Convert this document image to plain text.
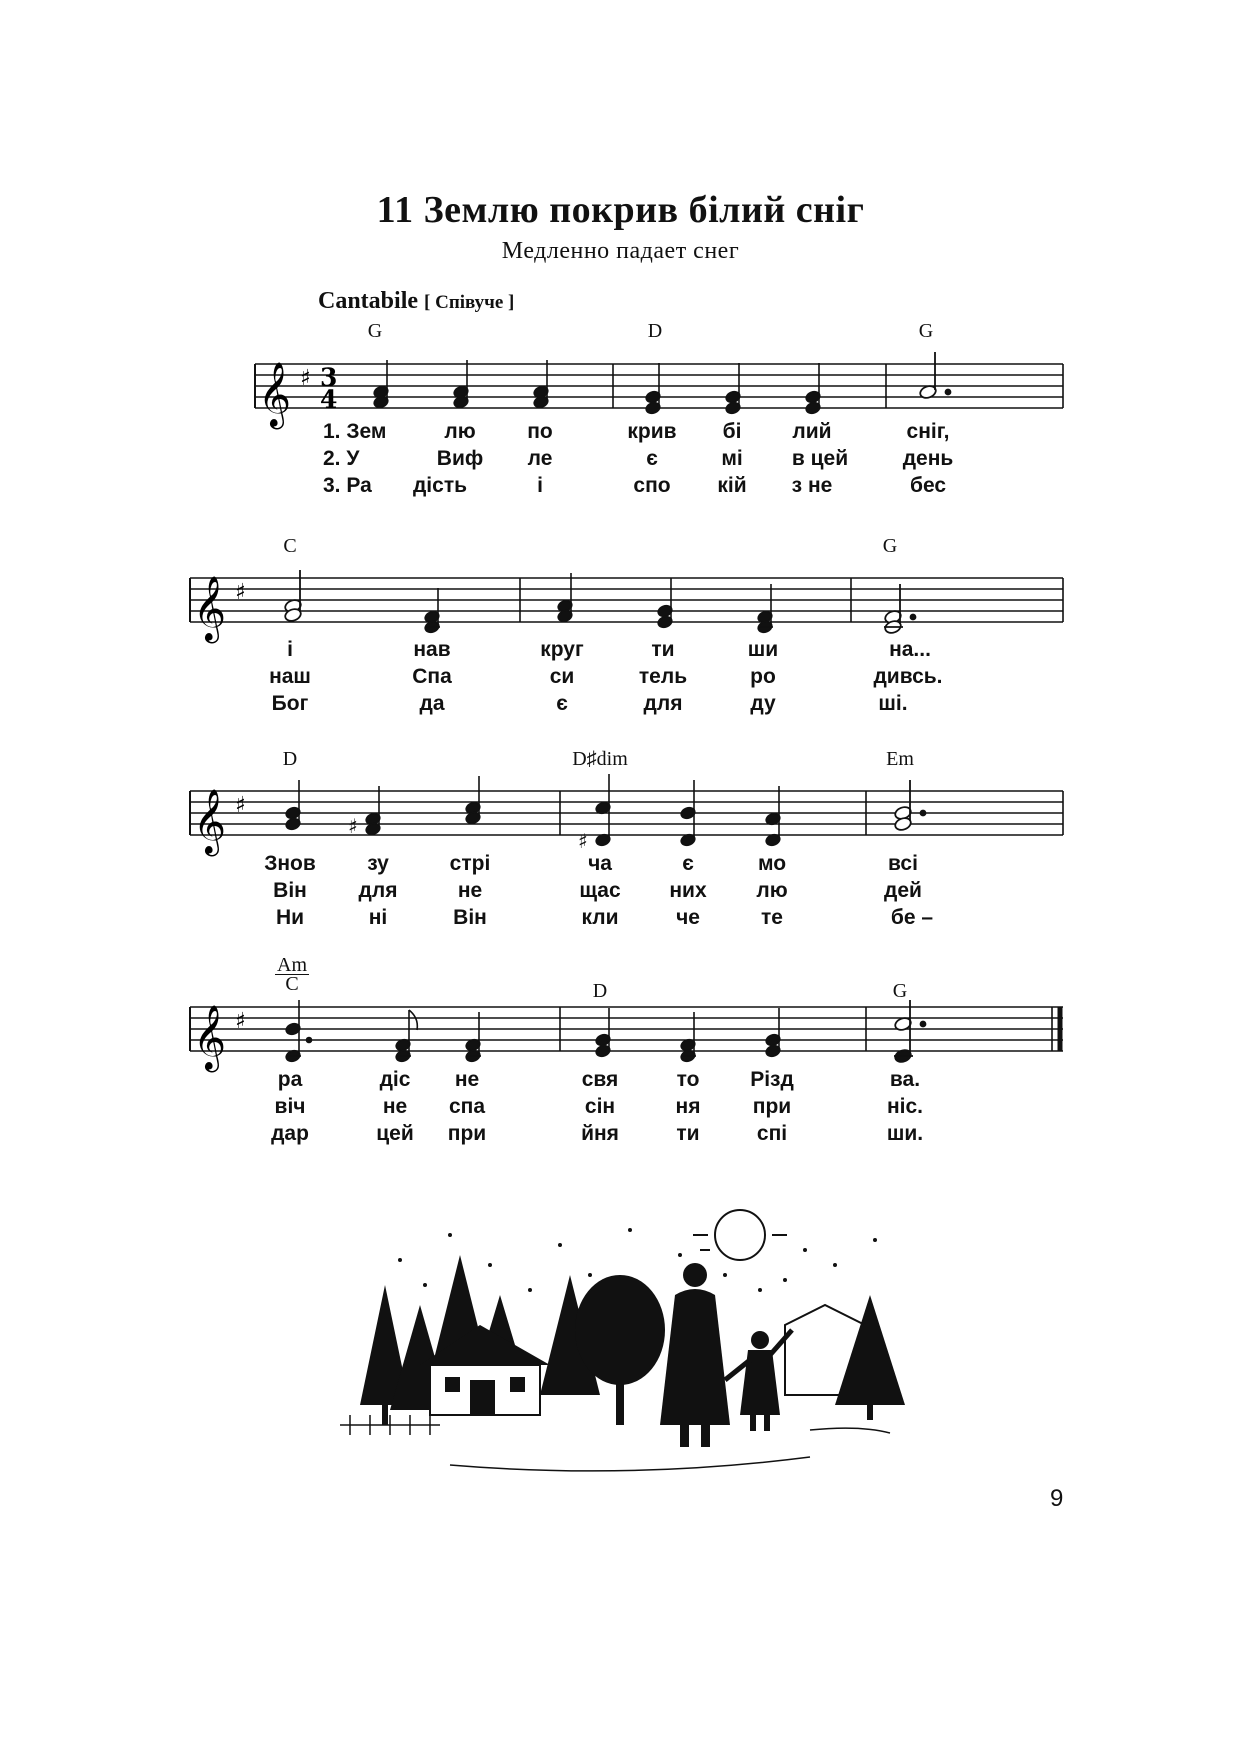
11 Землю покрив білий сніг
Медленно падает снег
Cantabile [ Співуче ]
G	D	G
𝄞 ♯ 3
4
1. Зем	лю по	крив бі лий	сніг,
2. У	Виф ле	є	мі в цей	день
3. Ра дість	і	спо кій з не	бес
C	G
𝄞 ♯
і	нав	круг	ти	ши	на...
наш	Спа	си	тель	ро	дивсь.
Бог	да	є	для	ду	ші.
D	D♯dim	Em
𝄞 ♯
♯
♯
Знов зу	стрі	ча	є	мо	всі
Він для	не	щас них лю	дей
Ни	ні	Він	кли	че	те	бе –
$\frac{Am}{C}$	D	G
𝄞 ♯
ра	діс не	свя	то Різд	ва.
віч	не спа	сін	ня при	ніс.
дар	цей при	йня	ти	спі	ши.
9
